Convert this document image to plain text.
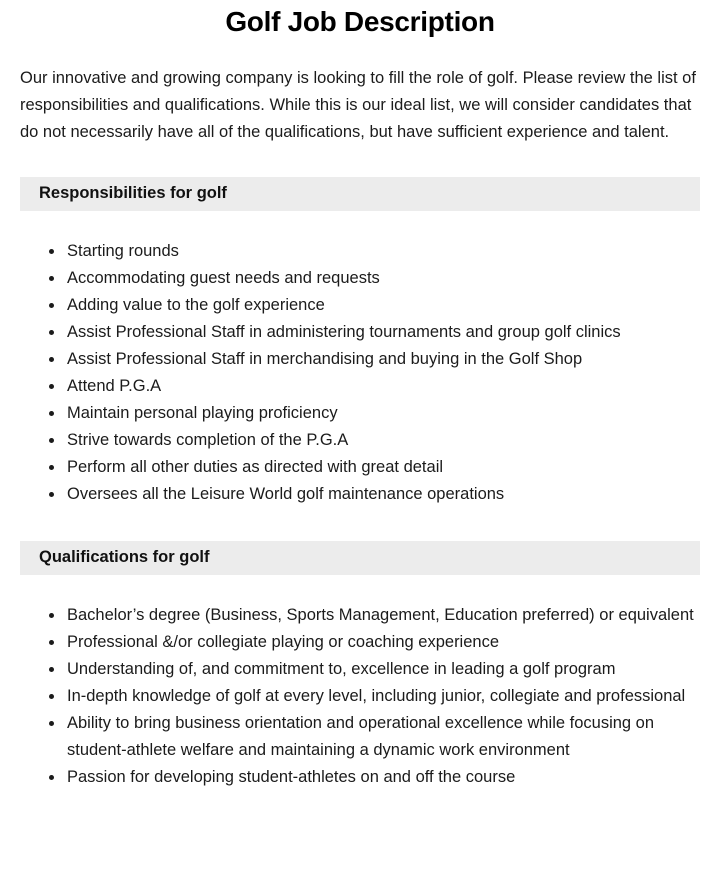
Golf Job Description

Our innovative and growing company is looking to fill the role of golf. Please review the list of responsibilities and qualifications. While this is our ideal list, we will consider candidates that do not necessarily have all of the qualifications, but have sufficient experience and talent.

Responsibilities for golf
• Starting rounds
• Accommodating guest needs and requests
• Adding value to the golf experience
• Assist Professional Staff in administering tournaments and group golf clinics
• Assist Professional Staff in merchandising and buying in the Golf Shop
• Attend P.G.A
• Maintain personal playing proficiency
• Strive towards completion of the P.G.A
• Perform all other duties as directed with great detail
• Oversees all the Leisure World golf maintenance operations
Qualifications for golf
• Bachelor’s degree (Business, Sports Management, Education preferred) or equivalent
• Professional &/or collegiate playing or coaching experience
• Understanding of, and commitment to, excellence in leading a golf program
• In-depth knowledge of golf at every level, including junior, collegiate and professional
• Ability to bring business orientation and operational excellence while focusing on student-athlete welfare and maintaining a dynamic work environment
• Passion for developing student-athletes on and off the course
